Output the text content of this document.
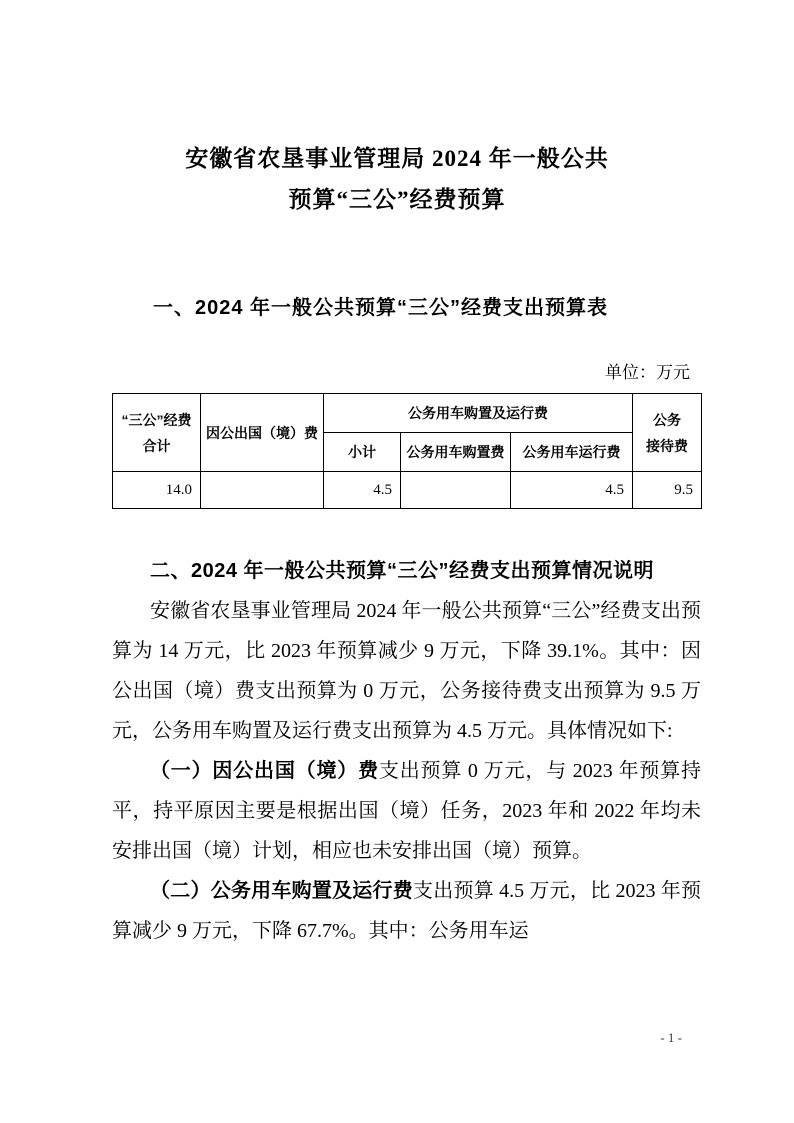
安徽省农垦事业管理局 2024 年一般公共
预算“三公”经费预算
一、2024 年一般公共预算“三公”经费支出预算表
单位：万元
“三公”经费
合计
	因公出国（境）费	公务用车购置及运行费	公务
接待费

		小计	公务用车购置费	公务用车运行费	
14.0		4.5		4.5	9.5

二、2024 年一般公共预算“三公”经费支出预算情况说明

安徽省农垦事业管理局 2024 年一般公共预算“三公”经费支出预算为 14 万元，比 2023 年预算减少 9 万元，下降 39.1%。其中：因公出国（境）费支出预算为 0 万元，公务接待费支出预算为 9.5 万元，公务用车购置及运行费支出预算为 4.5 万元。具体情况如下:

（一）因公出国（境）费支出预算 0 万元，与 2023 年预算持平，持平原因主要是根据出国（境）任务，2023 年和 2022 年均未安排出国（境）计划，相应也未安排出国（境）预算。

（二）公务用车购置及运行费支出预算 4.5 万元，比 2023 年预算减少 9 万元，下降 67.7%。其中：公务用车运

- 1 -
